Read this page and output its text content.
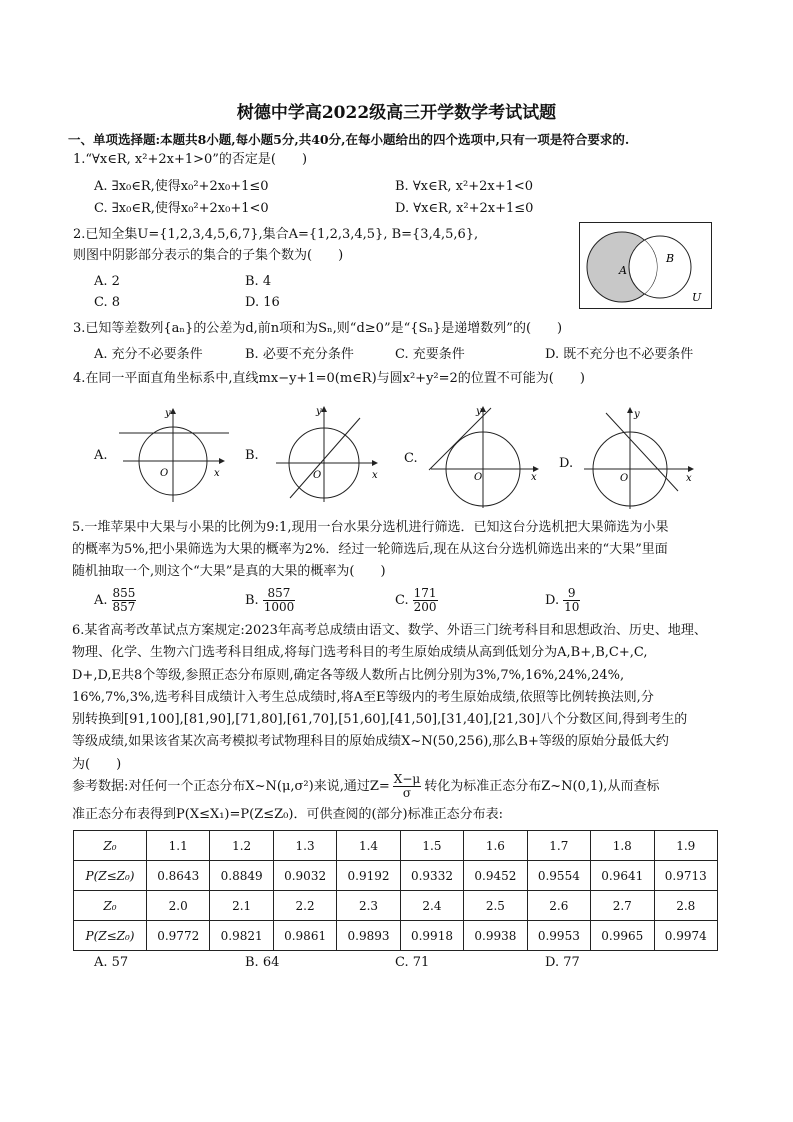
树德中学高2022级高三开学数学考试试题
一、单项选择题:本题共8小题,每小题5分,共40分,在每小题给出的四个选项中,只有一项是符合要求的.
1.“∀x∈R, x²+2x+1>0”的否定是(　　)
A. ∃x₀∈R,使得x₀²+2x₀+1≤0	B. ∀x∈R, x²+2x+1<0
C. ∃x₀∈R,使得x₀²+2x₀+1<0	D. ∀x∈R, x²+2x+1≤0
2.已知全集U={1,2,3,4,5,6,7},集合A={1,2,3,4,5}, B={3,4,5,6},
则图中阴影部分表示的集合的子集个数为(　　)
A. 2	B. 4
C. 8	D. 16
A
B
U
3.已知等差数列{aₙ}的公差为d,前n项和为Sₙ,则“d≥0”是“{Sₙ}是递增数列”的(　　)
A. 充分不必要条件	B. 必要不充分条件	C. 充要条件	D. 既不充分也不必要条件
4.在同一平面直角坐标系中,直线mx−y+1=0(m∈R)与圆x²+y²=2的位置不可能为(　　)
A.
y
x
O
B.
y
x
O
C.
y
x
O
D.
y
x
O
5.一堆苹果中大果与小果的比例为9:1,现用一台水果分选机进行筛选．已知这台分选机把大果筛选为小果
的概率为5%,把小果筛选为大果的概率为2%．经过一轮筛选后,现在从这台分选机筛选出来的“大果”里面
随机抽取一个,则这个“大果”是真的大果的概率为(　　)
A. $\frac{855}{857}$	B. $\frac{857}{1000}$	C. $\frac{171}{200}$	D. $\frac{9}{10}$
6.某省高考改革试点方案规定:2023年高考总成绩由语文、数学、外语三门统考科目和思想政治、历史、地理、
物理、化学、生物六门选考科目组成,将每门选考科目的考生原始成绩从高到低划分为A,B+,B,C+,C,
D+,D,E共8个等级,参照正态分布原则,确定各等级人数所占比例分别为3%,7%,16%,24%,24%,
16%,7%,3%,选考科目成绩计入考生总成绩时,将A至E等级内的考生原始成绩,依照等比例转换法则,分
别转换到[91,100],[81,90],[71,80],[61,70],[51,60],[41,50],[31,40],[21,30]八个分数区间,得到考生的
等级成绩,如果该省某次高考模拟考试物理科目的原始成绩X~N(50,256),那么B+等级的原始分最低大约
为(　　)
参考数据:对任何一个正态分布X~N(μ,σ²)来说,通过$Z= \frac{X-\mu}{\sigma}$ 转化为标准正态分布Z~N(0,1),从而查标
准正态分布表得到P(X≤X₁)=P(Z≤Z₀)．可供查阅的(部分)标准正态分布表:
Z₀	1.1	1.2	1.3	1.4	1.5	1.6	1.7	1.8	1.9
P(Z≤Z₀)	0.8643	0.8849	0.9032	0.9192	0.9332	0.9452	0.9554	0.9641	0.9713
Z₀	2.0	2.1	2.2	2.3	2.4	2.5	2.6	2.7	2.8
P(Z≤Z₀)	0.9772	0.9821	0.9861	0.9893	0.9918	0.9938	0.9953	0.9965	0.9974
A. 57	B. 64	C. 71	D. 77
